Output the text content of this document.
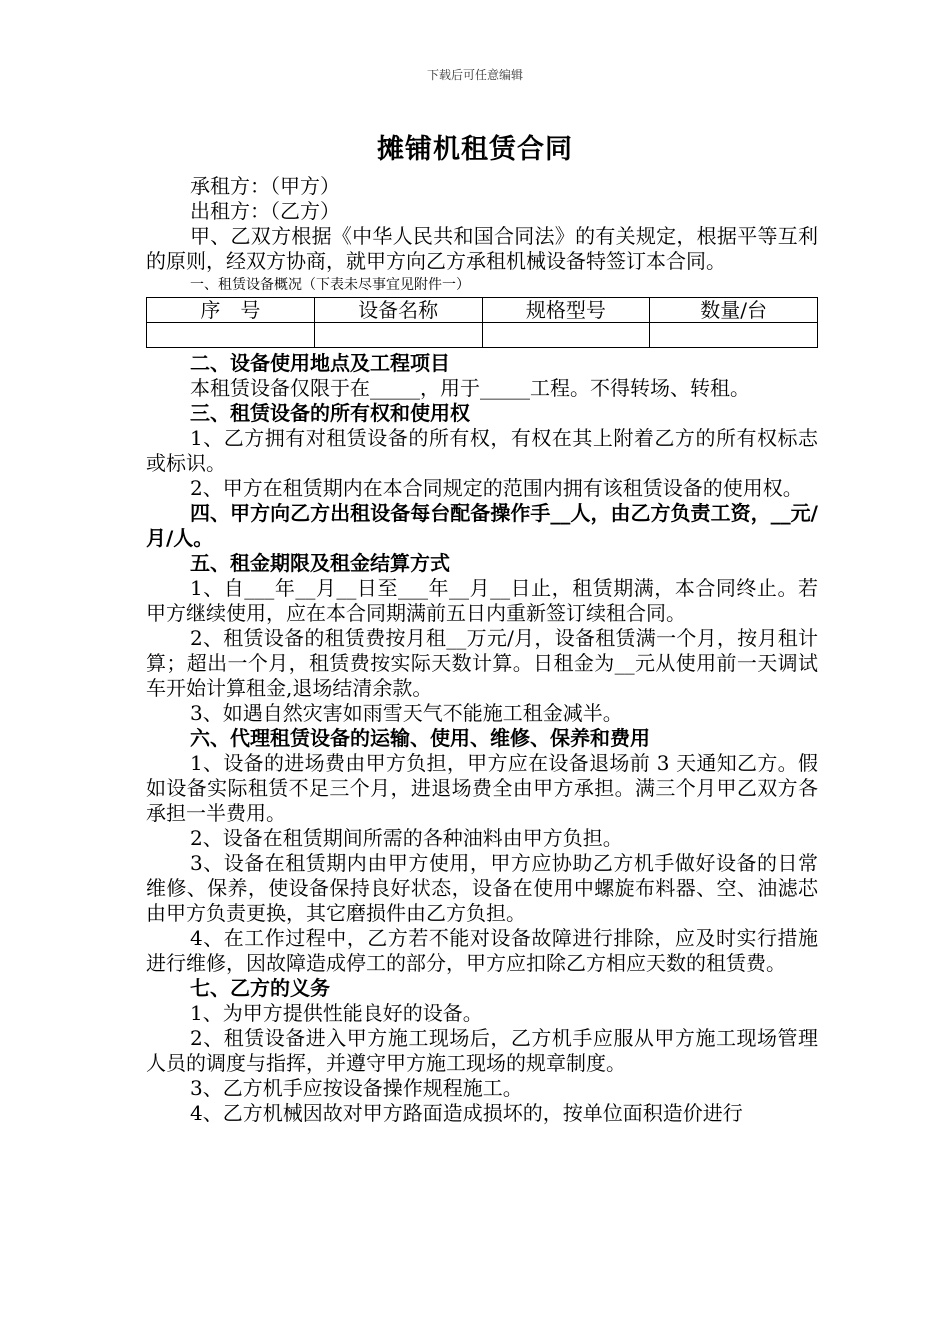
下载后可任意编辑
摊铺机租赁合同

承租方：（甲方）

出租方：（乙方）

甲、乙双方根据《中华人民共和国合同法》的有关规定，根据平等互利的原则，经双方协商，就甲方向乙方承租机械设备特签订本合同。

一、租赁设备概况（下表未尽事宜见附件一）

序　号	设备名称	规格型号	数量/台

二、设备使用地点及工程项目

本租赁设备仅限于在_____，用于_____工程。不得转场、转租。

三、租赁设备的所有权和使用权

1、乙方拥有对租赁设备的所有权，有权在其上附着乙方的所有权标志或标识。

2、甲方在租赁期内在本合同规定的范围内拥有该租赁设备的使用权。

四、甲方向乙方出租设备每台配备操作手__人，由乙方负责工资，__元/月/人。

五、租金期限及租金结算方式

1、自___年__月__日至___年__月__日止，租赁期满，本合同终止。若甲方继续使用，应在本合同期满前五日内重新签订续租合同。

2、租赁设备的租赁费按月租__万元/月，设备租赁满一个月，按月租计算；超出一个月，租赁费按实际天数计算。日租金为__元从使用前一天调试车开始计算租金,退场结清余款。

3、如遇自然灾害如雨雪天气不能施工租金减半。

六、代理租赁设备的运输、使用、维修、保养和费用

1、设备的进场费由甲方负担，甲方应在设备退场前 3 天通知乙方。假如设备实际租赁不足三个月，进退场费全由甲方承担。满三个月甲乙双方各承担一半费用。

2、设备在租赁期间所需的各种油料由甲方负担。

3、设备在租赁期内由甲方使用，甲方应协助乙方机手做好设备的日常维修、保养，使设备保持良好状态，设备在使用中螺旋布料器、空、油滤芯由甲方负责更换，其它磨损件由乙方负担。

4、在工作过程中，乙方若不能对设备故障进行排除，应及时实行措施进行维修，因故障造成停工的部分，甲方应扣除乙方相应天数的租赁费。

七、乙方的义务

1、为甲方提供性能良好的设备。

2、租赁设备进入甲方施工现场后，乙方机手应服从甲方施工现场管理人员的调度与指挥，并遵守甲方施工现场的规章制度。

3、乙方机手应按设备操作规程施工。

4、乙方机械因故对甲方路面造成损坏的，按单位面积造价进行
